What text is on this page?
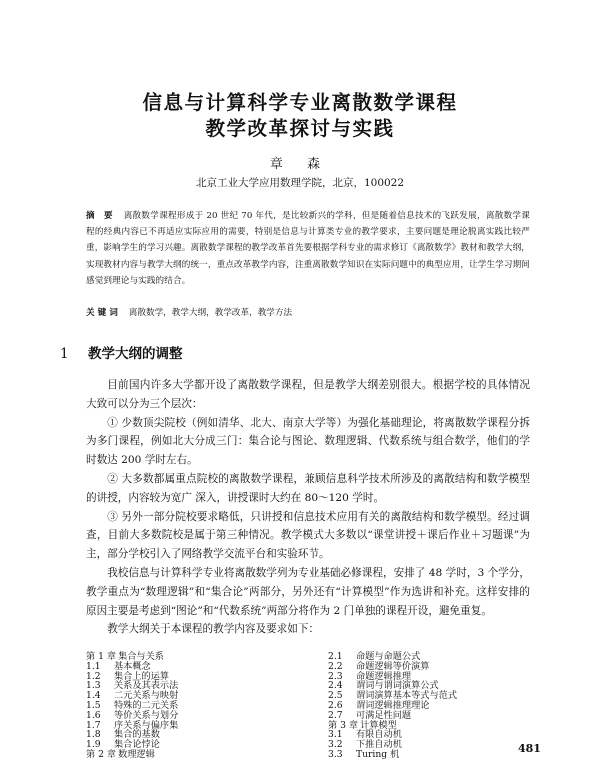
信息与计算科学专业离散数学课程
教学改革探讨与实践
章 森
北京工业大学应用数理学院，北京，100022
摘 要 离散数学课程形成于 20 世纪 70 年代，是比较新兴的学科，但是随着信息技术的飞跃发展，离散数学课程的经典内容已不再适应实际应用的需要，特别是信息与计算类专业的教学要求，主要问题是理论脱离实践比较严重，影响学生的学习兴趣。离散数学课程的教学改革首先要根据学科专业的需求修订《离散数学》教材和教学大纲，实现教材内容与教学大纲的统一，重点改革教学内容，注重离散数学知识在实际问题中的典型应用，让学生学习期间感觉到理论与实践的结合。
关键词 离散数学，教学大纲，教学改革，教学方法
1 教学大纲的调整

目前国内许多大学都开设了离散数学课程，但是教学大纲差别很大。根据学校的具体情况大致可以分为三个层次：

① 少数顶尖院校（例如清华、北大、南京大学等）为强化基础理论，将离散数学课程分拆为多门课程，例如北大分成三门：集合论与图论、数理逻辑、代数系统与组合数学，他们的学时数达 200 学时左右。

② 大多数都属重点院校的离散数学课程，兼顾信息科学技术所涉及的离散结构和数学模型的讲授，内容较为宽广 深入，讲授课时大约在 80～120 学时。

③ 另外一部分院校要求略低，只讲授和信息技术应用有关的离散结构和数学模型。经过调查，目前大多数院校是属于第三种情况。教学模式大多数以“课堂讲授＋课后作业＋习题课”为主，部分学校引入了网络教学交流平台和实验环节。

我校信息与计算科学专业将离散数学列为专业基础必修课程，安排了 48 学时，3 个学分，教学重点为“数理逻辑”和“集合论”两部分，另外还有“计算模型”作为选讲和补充。这样安排的原因主要是考虑到“图论”和“代数系统”两部分将作为 2 门单独的课程开设，避免重复。

教学大纲关于本课程的教学内容及要求如下：

第 1 章 集合与关系
1.1	基本概念
1.2	集合上的运算
1.3	关系及其表示法
1.4	二元关系与映射
1.5	特殊的二元关系
1.6	等价关系与划分
1.7	序关系与偏序集
1.8	集合的基数
1.9	集合论悖论
第 2 章 数理逻辑
2.1	命题与命题公式
2.2	命题逻辑等价演算
2.3	命题逻辑推理
2.4	谓词与谓词演算公式
2.5	谓词演算基本等式与范式
2.6	谓词逻辑推理理论
2.7	可满足性问题
第 3 章 计算模型
3.1	有限自动机
3.2	下推自动机
3.3	Turing 机	481
